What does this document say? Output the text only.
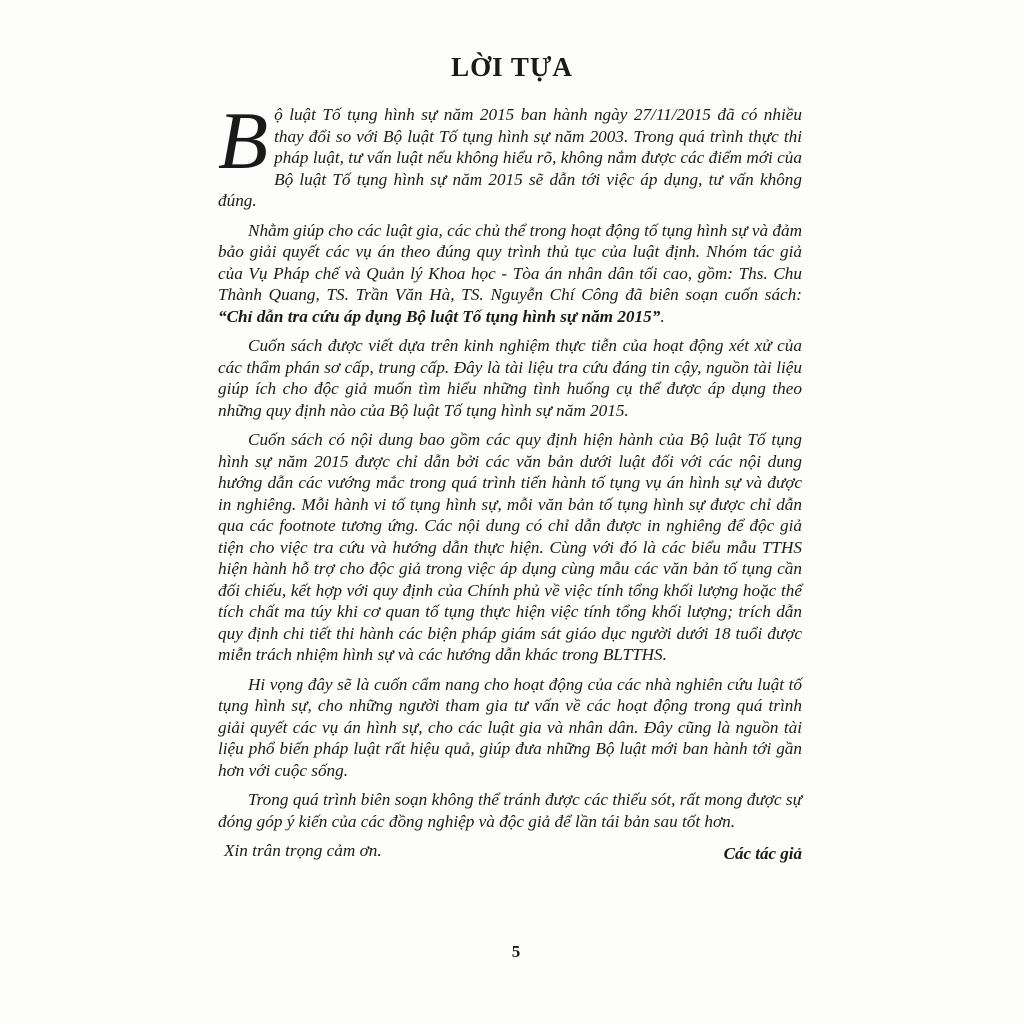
LỜI TỰA

Bộ luật Tố tụng hình sự năm 2015 ban hành ngày 27/11/2015 đã có nhiều thay đổi so với Bộ luật Tố tụng hình sự năm 2003. Trong quá trình thực thi pháp luật, tư vấn luật nếu không hiểu rõ, không nắm được các điểm mới của Bộ luật Tố tụng hình sự năm 2015 sẽ dẫn tới việc áp dụng, tư vấn không đúng.

Nhằm giúp cho các luật gia, các chủ thể trong hoạt động tố tụng hình sự và đảm bảo giải quyết các vụ án theo đúng quy trình thủ tục của luật định. Nhóm tác giả của Vụ Pháp chế và Quản lý Khoa học - Tòa án nhân dân tối cao, gồm: Ths. Chu Thành Quang, TS. Trần Văn Hà, TS. Nguyễn Chí Công đã biên soạn cuốn sách: “Chỉ dẫn tra cứu áp dụng Bộ luật Tố tụng hình sự năm 2015”.

Cuốn sách được viết dựa trên kinh nghiệm thực tiễn của hoạt động xét xử của các thẩm phán sơ cấp, trung cấp. Đây là tài liệu tra cứu đáng tin cậy, nguồn tài liệu giúp ích cho độc giả muốn tìm hiểu những tình huống cụ thể được áp dụng theo những quy định nào của Bộ luật Tố tụng hình sự năm 2015.

Cuốn sách có nội dung bao gồm các quy định hiện hành của Bộ luật Tố tụng hình sự năm 2015 được chỉ dẫn bởi các văn bản dưới luật đối với các nội dung hướng dẫn các vướng mắc trong quá trình tiến hành tố tụng vụ án hình sự và được in nghiêng. Mỗi hành vi tố tụng hình sự, mỗi văn bản tố tụng hình sự được chỉ dẫn qua các footnote tương ứng. Các nội dung có chỉ dẫn được in nghiêng để độc giả tiện cho việc tra cứu và hướng dẫn thực hiện. Cùng với đó là các biểu mẫu TTHS hiện hành hỗ trợ cho độc giả trong việc áp dụng cùng mẫu các văn bản tố tụng cần đối chiếu, kết hợp với quy định của Chính phủ về việc tính tổng khối lượng hoặc thể tích chất ma túy khi cơ quan tố tụng thực hiện việc tính tổng khối lượng; trích dẫn quy định chi tiết thi hành các biện pháp giám sát giáo dục người dưới 18 tuổi được miễn trách nhiệm hình sự và các hướng dẫn khác trong BLTTHS.

Hi vọng đây sẽ là cuốn cẩm nang cho hoạt động của các nhà nghiên cứu luật tố tụng hình sự, cho những người tham gia tư vấn về các hoạt động trong quá trình giải quyết các vụ án hình sự, cho các luật gia và nhân dân. Đây cũng là nguồn tài liệu phổ biến pháp luật rất hiệu quả, giúp đưa những Bộ luật mới ban hành tới gần hơn với cuộc sống.

Trong quá trình biên soạn không thể tránh được các thiếu sót, rất mong được sự đóng góp ý kiến của các đồng nghiệp và độc giả để lần tái bản sau tốt hơn.

Xin trân trọng cảm ơn.	Các tác giả
5
